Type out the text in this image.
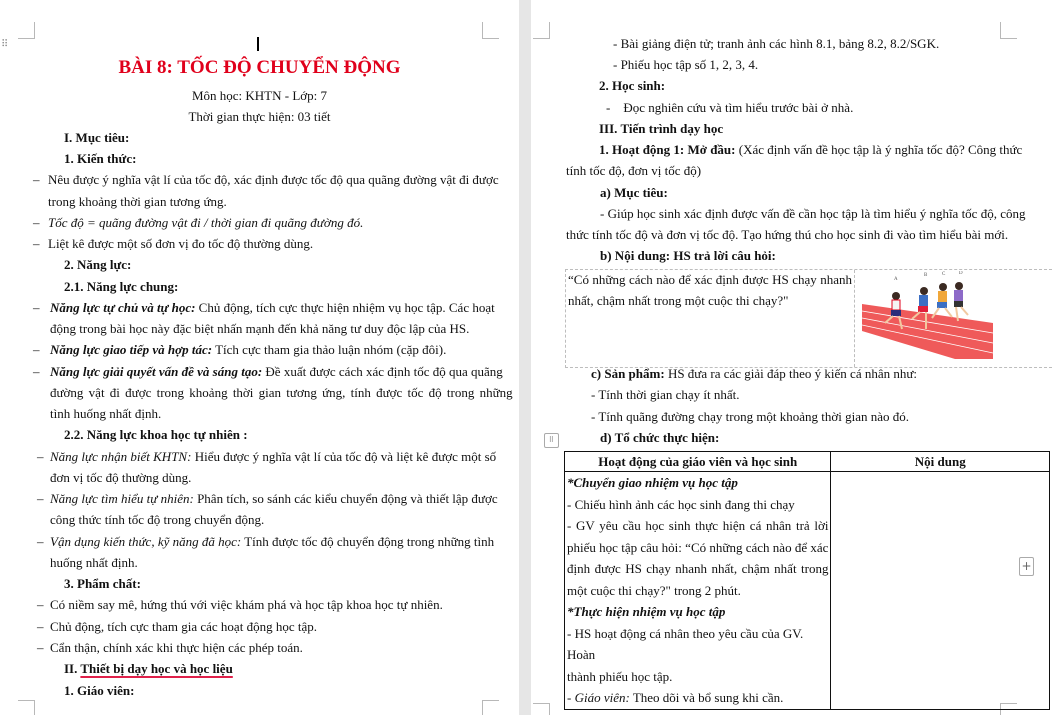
⠿
BÀI 8: TỐC ĐỘ CHUYỂN ĐỘNG
Môn học: KHTN - Lớp: 7
Thời gian thực hiện: 03 tiết
I. Mục tiêu:
1. Kiến thức:
– Nêu được ý nghĩa vật lí của tốc độ, xác định được tốc độ qua quãng đường vật đi được
trong khoảng thời gian tương ứng.
– Tốc độ = quãng đường vật đi / thời gian đi quãng đường đó.
– Liệt kê được một số đơn vị đo tốc độ thường dùng.
2. Năng lực:
2.1. Năng lực chung:
– Năng lực tự chủ và tự học: Chủ động, tích cực thực hiện nhiệm vụ học tập. Các hoạt
động trong bài học này đặc biệt nhấn mạnh đến khả năng tư duy độc lập của HS.
– Năng lực giao tiếp và hợp tác: Tích cực tham gia thảo luận nhóm (cặp đôi).
– Năng lực giải quyết vấn đề và sáng tạo: Đề xuất được cách xác định tốc độ qua quãng
đường vật đi được trong khoảng thời gian tương ứng, tính được tốc độ trong những
tình huống nhất định.
2.2. Năng lực khoa học tự nhiên :
– Năng lực nhận biết KHTN: Hiểu được ý nghĩa vật lí của tốc độ và liệt kê được một số
đơn vị tốc độ thường dùng.
– Năng lực tìm hiểu tự nhiên: Phân tích, so sánh các kiểu chuyển động và thiết lập được
công thức tính tốc độ trong chuyển động.
– Vận dụng kiến thức, kỹ năng đã học: Tính được tốc độ chuyển động trong những tình
huống nhất định.
3. Phẩm chất:
– Có niềm say mê, hứng thú với việc khám phá và học tập khoa học tự nhiên.
– Chủ động, tích cực tham gia các hoạt động học tập.
– Cẩn thận, chính xác khi thực hiện các phép toán.
II. Thiết bị dạy học và học liệu
1. Giáo viên:
- Bài giảng điện tử; tranh ảnh các hình 8.1, bảng 8.2, 8.2/SGK.
- Phiếu học tập số 1, 2, 3, 4.
2. Học sinh:
-    Đọc nghiên cứu và tìm hiểu trước bài ở nhà.
III. Tiến trình dạy học
1. Hoạt động 1: Mở đầu: (Xác định vấn đề học tập là ý nghĩa tốc độ? Công thức
tính tốc độ, đơn vị tốc độ)
a) Mục tiêu:
- Giúp học sinh xác định được vấn đề cần học tập là tìm hiểu ý nghĩa tốc độ, công
thức tính tốc độ và đơn vị tốc độ. Tạo hứng thú cho học sinh đi vào tìm hiểu bài mới.
b) Nội dung: HS trả lời câu hỏi:
“Có những cách nào để xác định được HS chạy nhanh
nhất, chậm nhất trong một cuộc thi chạy?"
A
B	C	D
c) Sản phẩm: HS đưa ra các giải đáp theo ý kiến cá nhân như:
- Tính thời gian chạy ít nhất.
- Tính quãng đường chạy trong một khoảng thời gian nào đó.
⠿	d) Tổ chức thực hiện:
Hoạt động của giáo viên và học sinh	Nội dung

*Chuyển giao nhiệm vụ học tập
- Chiếu hình ảnh các học sinh đang thi chạy
- GV yêu cầu học sinh thực hiện cá nhân trả lời
phiếu học tập câu hỏi: “Có những cách nào để xác
định được HS chạy nhanh nhất, chậm nhất trong
một cuộc thi chạy?" trong 2 phút.
*Thực hiện nhiệm vụ học tập
- HS hoạt động cá nhân theo yêu cầu của GV. Hoàn
thành phiếu học tập.
- Giáo viên: Theo dõi và bổ sung khi cần.

+
